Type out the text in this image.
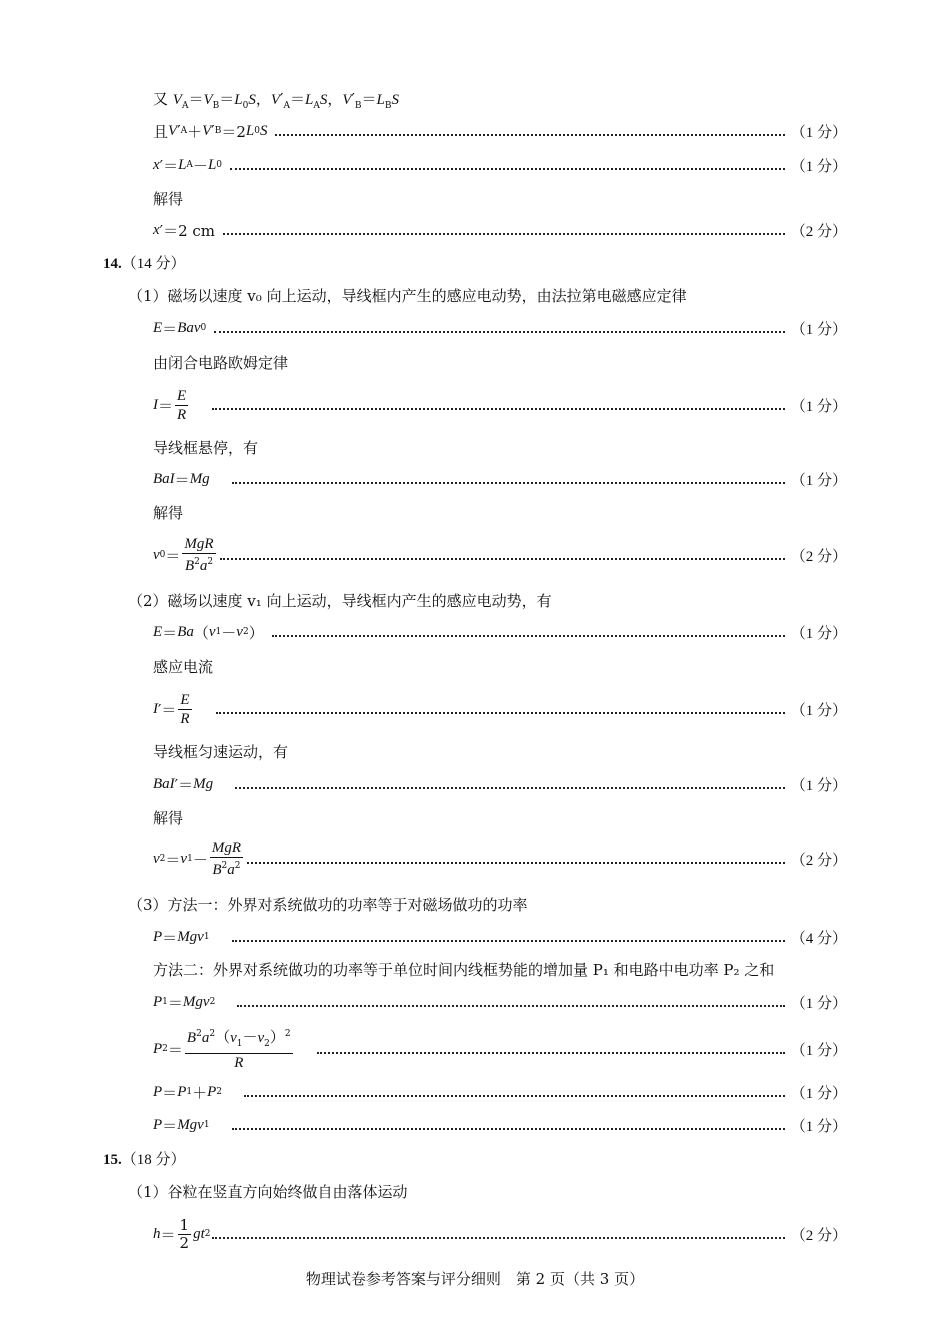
又 $V_A=V_B=L_0S$，$V'_A=L_AS$，$V'_B=L_BS$
且 V ′ A ＋ V ′ B ＝2 L 0 S	（1 分）
x ′＝ L A － L 0	（1 分）
解得
x ′＝2 cm	（2 分）
14.（14 分）
（1）磁场以速度 v₀ 向上运动，导线框内产生的感应电动势，由法拉第电磁感应定律
E ＝ Bav 0	（1 分）
由闭合电路欧姆定律
$I = \frac{E}{R}$	（1 分）
导线框悬停，有
BaI ＝ Mg	（1 分）
解得
v $0 = \frac{\text{MgR}}{B^2a^2}$	（2 分）
（2）磁场以速度 v₁ 向上运动，导线框内产生的感应电动势，有
E ＝ Ba （ v 1 － v 2 ）	（1 分）
感应电流
I ′＝ $\frac{E}{R}$	（1 分）
导线框匀速运动，有
BaI ′＝ Mg	（1 分）
解得
v 2 ＝ v $1 - \frac{\text{MgR}}{B^2a^2}$	（2 分）
（3）方法一：外界对系统做功的功率等于对磁场做功的功率
P ＝ Mgv 1	（4 分）
方法二：外界对系统做功的功率等于单位时间内线框势能的增加量 P₁ 和电路中电功率 P₂ 之和
P 1 ＝ Mgv 2	（1 分）
P $2 = \frac{B^2a^2(v_1-v_2)^2}{R}$	（1 分）
P ＝ P 1 ＋ P 2	（1 分）
P ＝ Mgv 1	（1 分）
15.（18 分）
（1）谷粒在竖直方向始终做自由落体运动
$h = \frac{1}{2}$ gt 2	（2 分）
物理试卷参考答案与评分细则　第 2 页（共 3 页）
